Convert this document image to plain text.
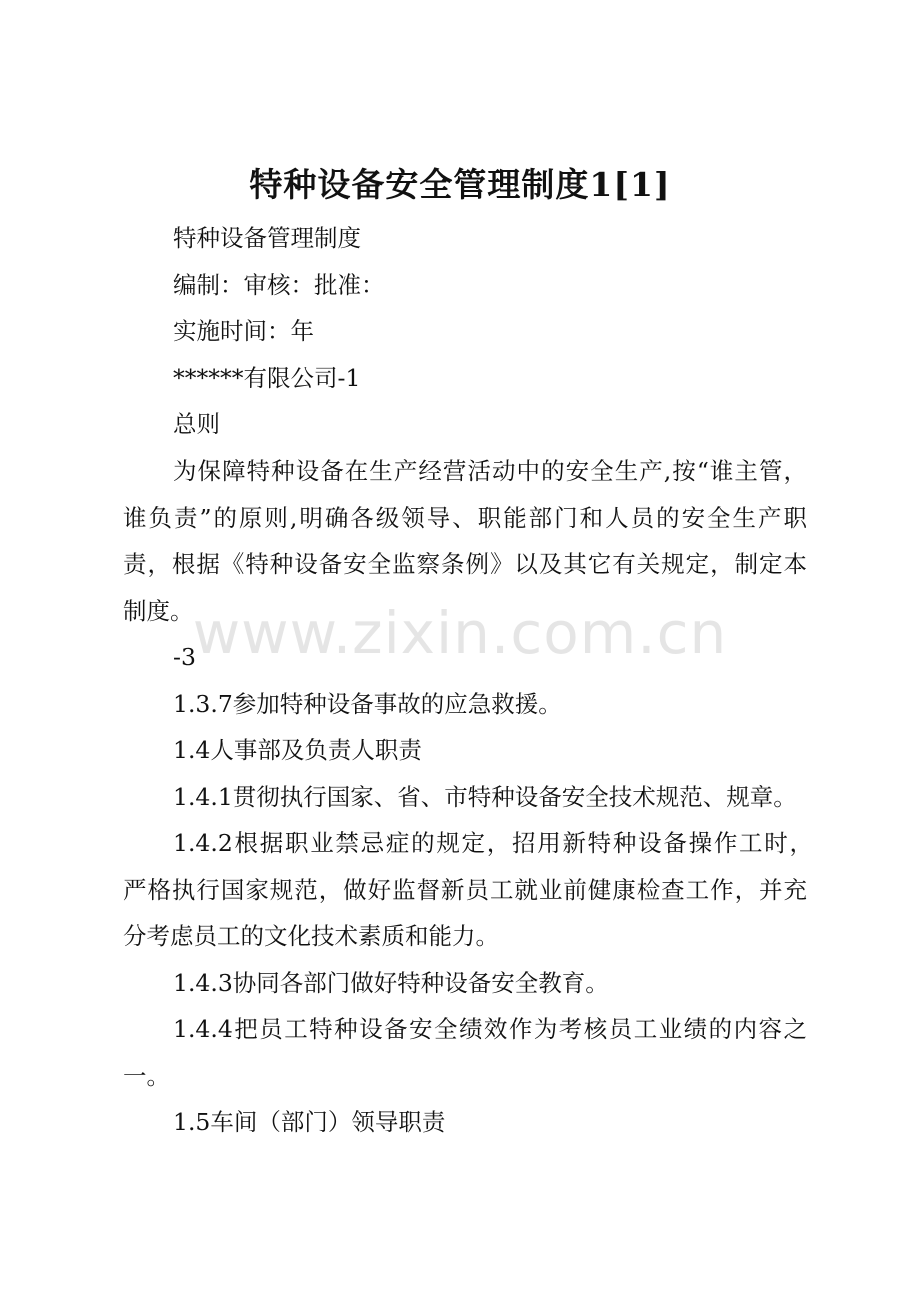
特种设备安全管理制度1[1]

特种设备管理制度

编制：审核：批准：

实施时间：年

******有限公司-1

总则

为保障特种设备在生产经营活动中的安全生产,按“谁主管，

谁负责”的原则,明确各级领导、职能部门和人员的安全生产职

责，根据《特种设备安全监察条例》以及其它有关规定，制定本

制度。

-3

1.3.7参加特种设备事故的应急救援。

1.4人事部及负责人职责

1.4.1贯彻执行国家、省、市特种设备安全技术规范、规章。

1.4.2根据职业禁忌症的规定，招用新特种设备操作工时，

严格执行国家规范，做好监督新员工就业前健康检查工作，并充

分考虑员工的文化技术素质和能力。

1.4.3协同各部门做好特种设备安全教育。

1.4.4把员工特种设备安全绩效作为考核员工业绩的内容之

一。

1.5车间（部门）领导职责

www.zixin.com.cn
